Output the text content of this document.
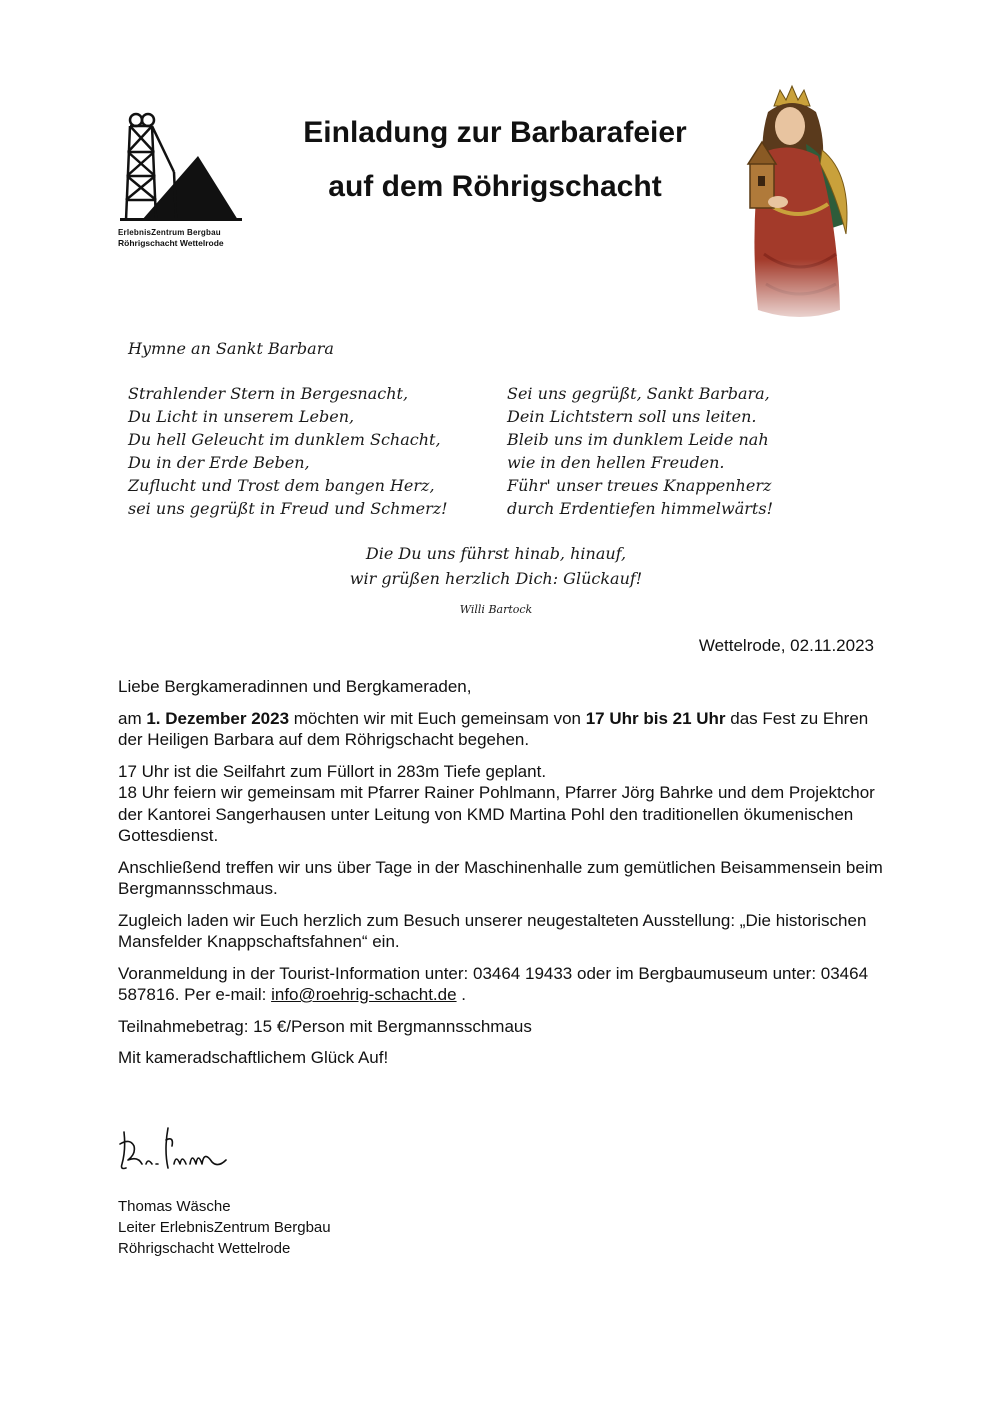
ErlebnisZentrum Bergbau
Röhrigschacht Wettelrode
Einladung zur Barbarafeier
auf dem Röhrigschacht
Hymne an Sankt Barbara
Strahlender Stern in Bergesnacht,
Du Licht in unserem Leben,
Du hell Geleucht im dunklem Schacht,
Du in der Erde Beben,
Zuflucht und Trost dem bangen Herz,
sei uns gegrüßt in Freud und Schmerz!
Sei uns gegrüßt, Sankt Barbara,
Dein Lichtstern soll uns leiten.
Bleib uns im dunklem Leide nah
wie in den hellen Freuden.
Führ' unser treues Knappenherz
durch Erdentiefen himmelwärts!
Die Du uns führst hinab, hinauf,
wir grüßen herzlich Dich: Glückauf!
Willi Bartock
Wettelrode, 02.11.2023

Liebe Bergkameradinnen und Bergkameraden,

am 1. Dezember 2023 möchten wir mit Euch gemeinsam von 17 Uhr bis 21 Uhr das Fest zu Ehren der Heiligen Barbara auf dem Röhrigschacht begehen.

17 Uhr ist die Seilfahrt zum Füllort in 283m Tiefe geplant.
18 Uhr feiern wir gemeinsam mit Pfarrer Rainer Pohlmann, Pfarrer Jörg Bahrke und dem Projektchor der Kantorei Sangerhausen unter Leitung von KMD Martina Pohl den traditionellen ökumenischen Gottesdienst.

Anschließend treffen wir uns über Tage in der Maschinenhalle zum gemütlichen Beisammensein beim Bergmannsschmaus.

Zugleich laden wir Euch herzlich zum Besuch unserer neugestalteten Ausstellung: „Die historischen Mansfelder Knappschaftsfahnen“ ein.

Voranmeldung in der Tourist-Information unter: 03464 19433 oder im Bergbaumuseum unter: 03464 587816. Per e-mail: info@roehrig-schacht.de .

Teilnahmebetrag: 15 €/Person mit Bergmannsschmaus

Mit kameradschaftlichem Glück Auf!

Thomas Wäsche
Leiter ErlebnisZentrum Bergbau
Röhrigschacht Wettelrode
